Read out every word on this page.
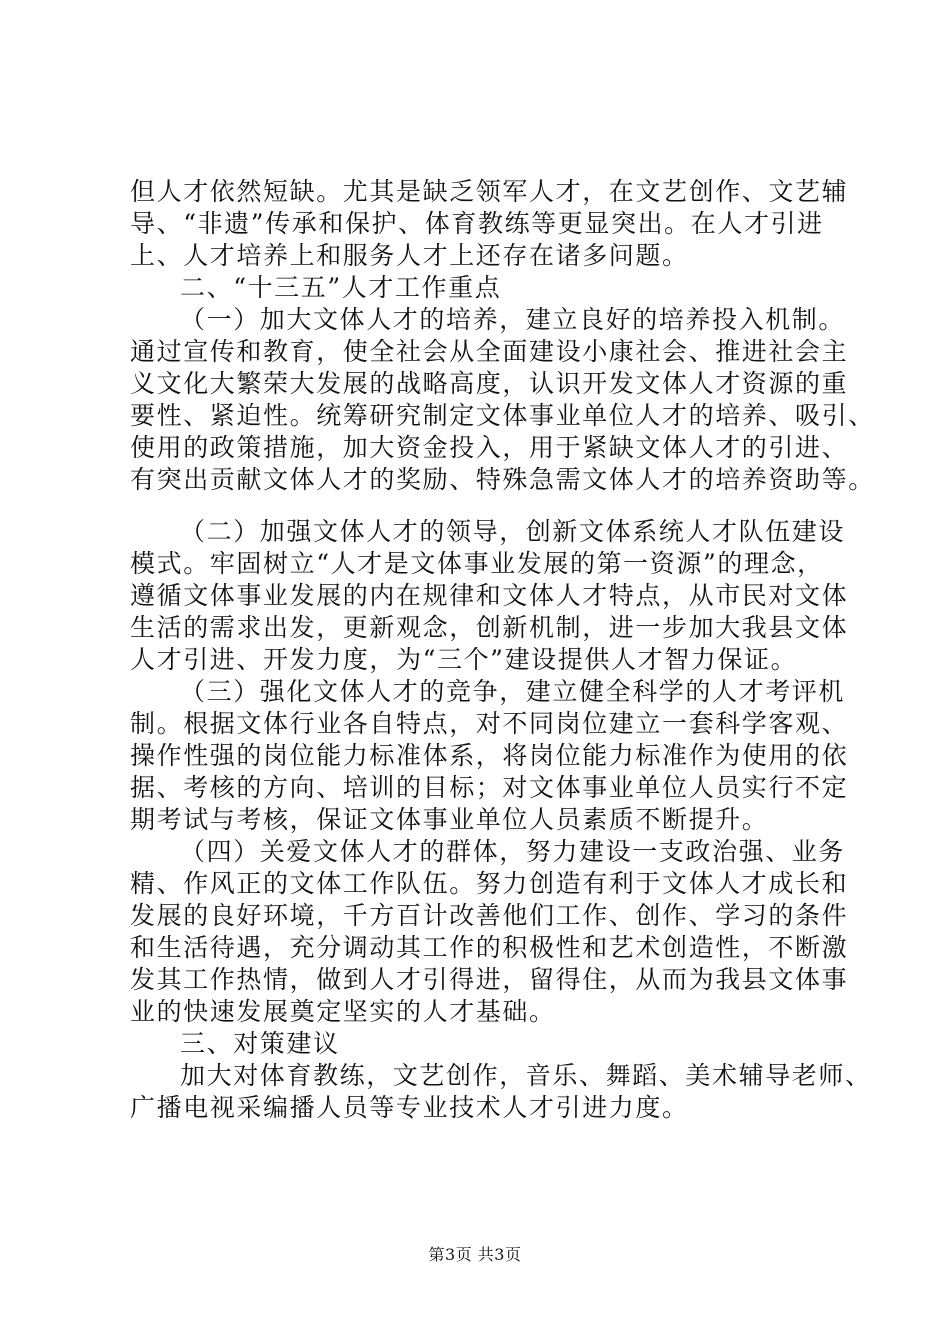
但人才依然短缺。尤其是缺乏领军人才，在文艺创作、文艺辅
导、“非遗”传承和保护、体育教练等更显突出。在人才引进
上、人才培养上和服务人才上还存在诸多问题。
二、“十三五”人才工作重点
（一）加大文体人才的培养，建立良好的培养投入机制。
通过宣传和教育，使全社会从全面建设小康社会、推进社会主
义文化大繁荣大发展的战略高度，认识开发文体人才资源的重
要性、紧迫性。统筹研究制定文体事业单位人才的培养、吸引、
使用的政策措施，加大资金投入，用于紧缺文体人才的引进、
有突出贡献文体人才的奖励、特殊急需文体人才的培养资助等。
（二）加强文体人才的领导，创新文体系统人才队伍建设
模式。牢固树立“人才是文体事业发展的第一资源”的理念，
遵循文体事业发展的内在规律和文体人才特点，从市民对文体
生活的需求出发，更新观念，创新机制，进一步加大我县文体
人才引进、开发力度，为“三个”建设提供人才智力保证。
（三）强化文体人才的竞争，建立健全科学的人才考评机
制。根据文体行业各自特点，对不同岗位建立一套科学客观、
操作性强的岗位能力标准体系，将岗位能力标准作为使用的依
据、考核的方向、培训的目标；对文体事业单位人员实行不定
期考试与考核，保证文体事业单位人员素质不断提升。
（四）关爱文体人才的群体，努力建设一支政治强、业务
精、作风正的文体工作队伍。努力创造有利于文体人才成长和
发展的良好环境，千方百计改善他们工作、创作、学习的条件
和生活待遇，充分调动其工作的积极性和艺术创造性，不断激
发其工作热情，做到人才引得进，留得住，从而为我县文体事
业的快速发展奠定坚实的人才基础。
三、对策建议
加大对体育教练，文艺创作，音乐、舞蹈、美术辅导老师、
广播电视采编播人员等专业技术人才引进力度。
第3页 共3页
